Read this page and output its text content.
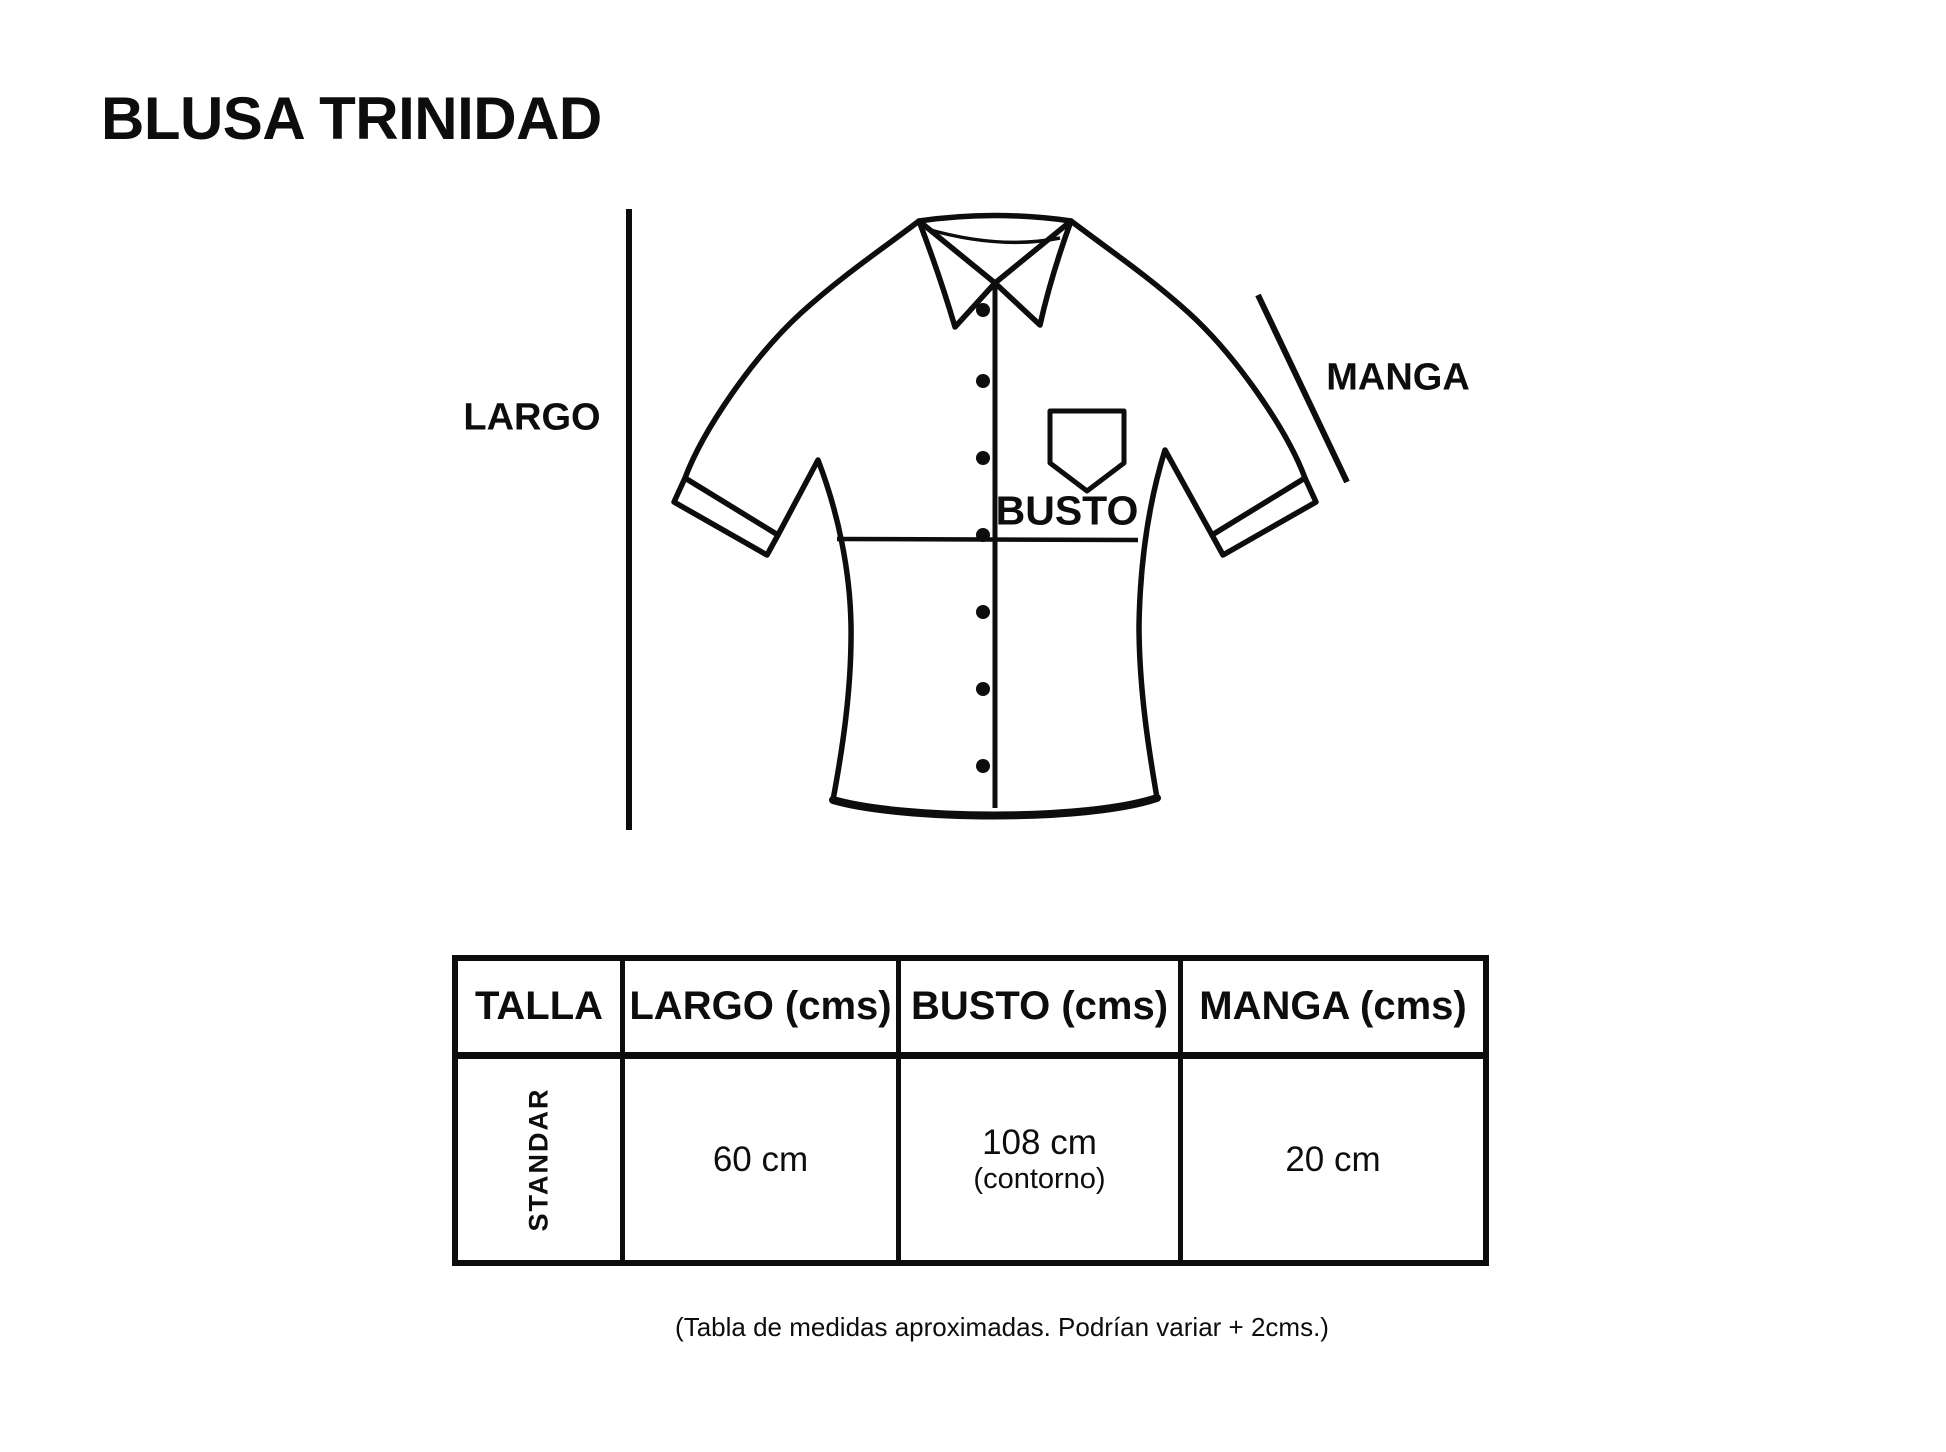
BLUSA TRINIDAD
LARGO
MANGA
BUSTO
TALLA LARGO (cms) BUSTO (cms) MANGA (cms)
STANDAR	60 cm	108 cm
(contorno)
20 cm
(Tabla de medidas aproximadas. Podrían variar + 2cms.)
